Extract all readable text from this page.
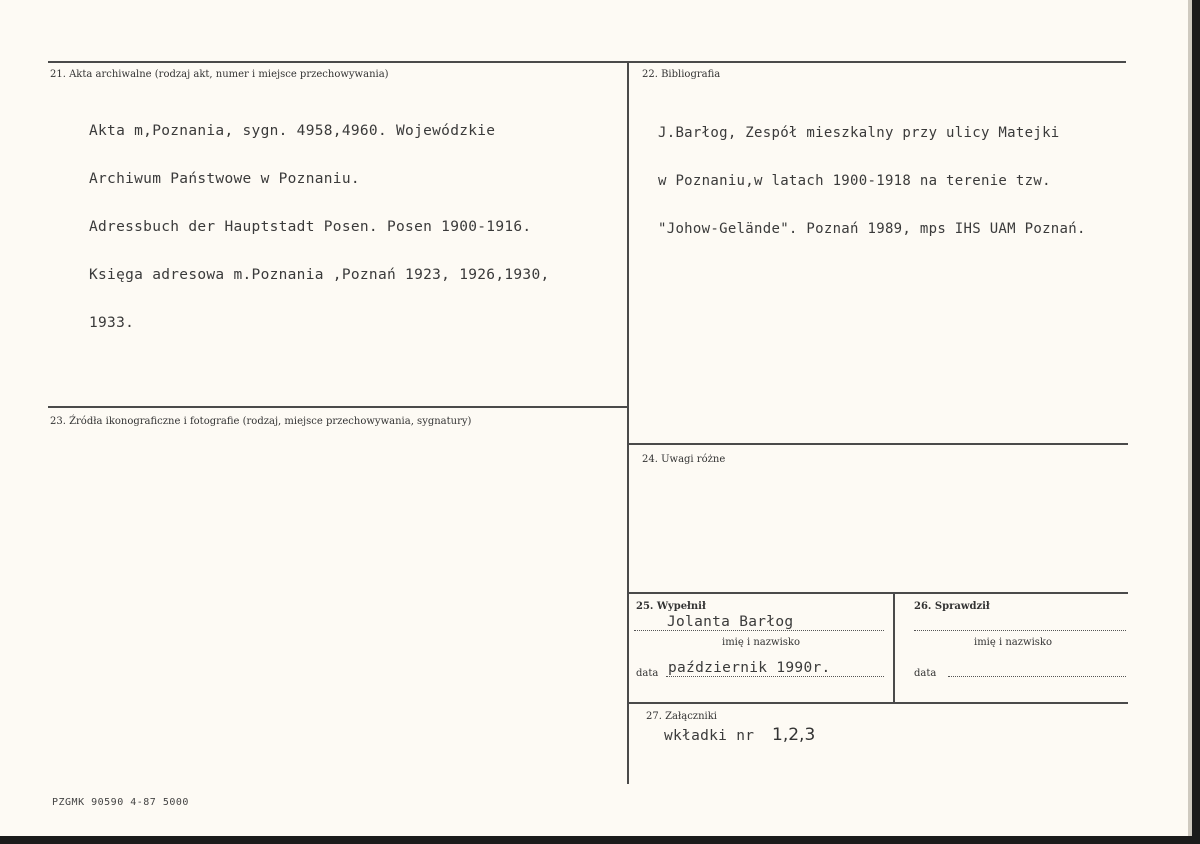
21. Akta archiwalne (rodzaj akt, numer i miejsce przechowywania)

Akta m,Poznania, sygn. 4958,4960. Wojewódzkie

Archiwum Państwowe w Poznaniu.

Adressbuch der Hauptstadt Posen. Posen 1900-1916.

Księga adresowa m.Poznania ,Poznań 1923, 1926,1930,

1933.

22. Bibliografia

J.Barłog, Zespół mieszkalny przy ulicy Matejki

w Poznaniu,w latach 1900-1918 na terenie tzw.

"Johow-Gelände". Poznań 1989, mps IHS UAM Poznań.

23. Źródła ikonograficzne i fotografie (rodzaj, miejsce przechowywania, sygnatury)
24. Uwagi różne
25. Wypełnił
Jolanta Barłog
imię i nazwisko
data październik 1990r.
26. Sprawdził
imię i nazwisko
data
27. Załączniki
wkładki nr 1,2,3
PZGMK 90590 4-87 5000
